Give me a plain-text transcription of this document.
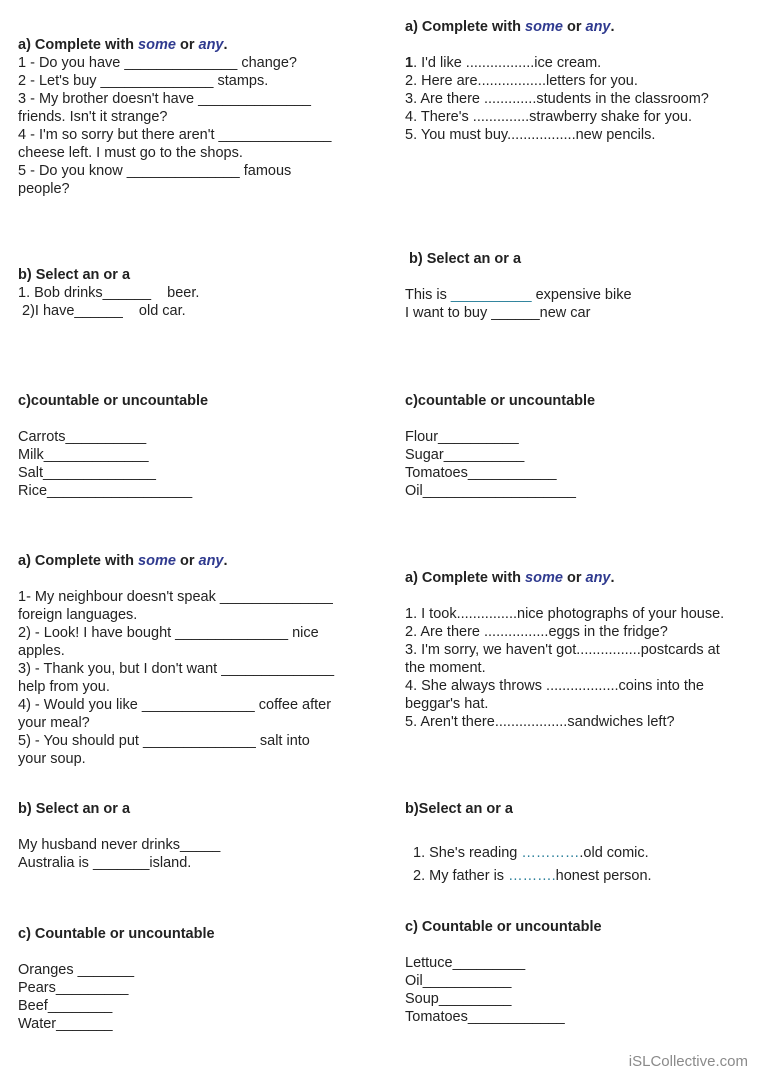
a) Complete with some or any.
1 - Do you have ______________ change?
2 - Let's buy ______________ stamps.
3 - My brother doesn't have ______________
friends. Isn't it strange?
4 - I'm so sorry but there aren't ______________
cheese left. I must go to the shops.
5 - Do you know ______________ famous
people?
b) Select an or a
1. Bob drinks______    beer.
2)I have______    old car.
c)countable or uncountable
Carrots__________
Milk_____________
Salt______________
Rice__________________
a) Complete with some or any.
1. I'd like .................ice cream.
2. Here are.................letters for you.
3. Are there .............students in the classroom?
4. There's ..............strawberry shake for you.
5. You must buy.................new pencils.
b) Select an or a
This is __________ expensive bike
I want to buy ______new car
c)countable or uncountable
Flour__________
Sugar__________
Tomatoes___________
Oil___________________
a) Complete with some or any.
1- My neighbour doesn't speak ______________
foreign languages.
2) - Look! I have bought ______________ nice
apples.
3) - Thank you, but I don't want ______________
help from you.
4) - Would you like ______________ coffee after
your meal?
5) - You should put ______________ salt into
your soup.
b) Select an or a
My husband never drinks_____
Australia is _______island.
c) Countable or uncountable
Oranges _______
Pears_________
Beef________
Water_______
a) Complete with some or any.
1. I took...............nice photographs of your house.
2. Are there ................eggs in the fridge?
3. I'm sorry, we haven't got................postcards at
the moment.
4. She always throws ..................coins into the
beggar's hat.
5. Aren't there..................sandwiches left?
b)Select an or a
1. She's reading ………….old comic.
2. My father is ……….honest person.
c) Countable or uncountable
Lettuce_________
Oil___________
Soup_________
Tomatoes____________
iSLCollective.com
